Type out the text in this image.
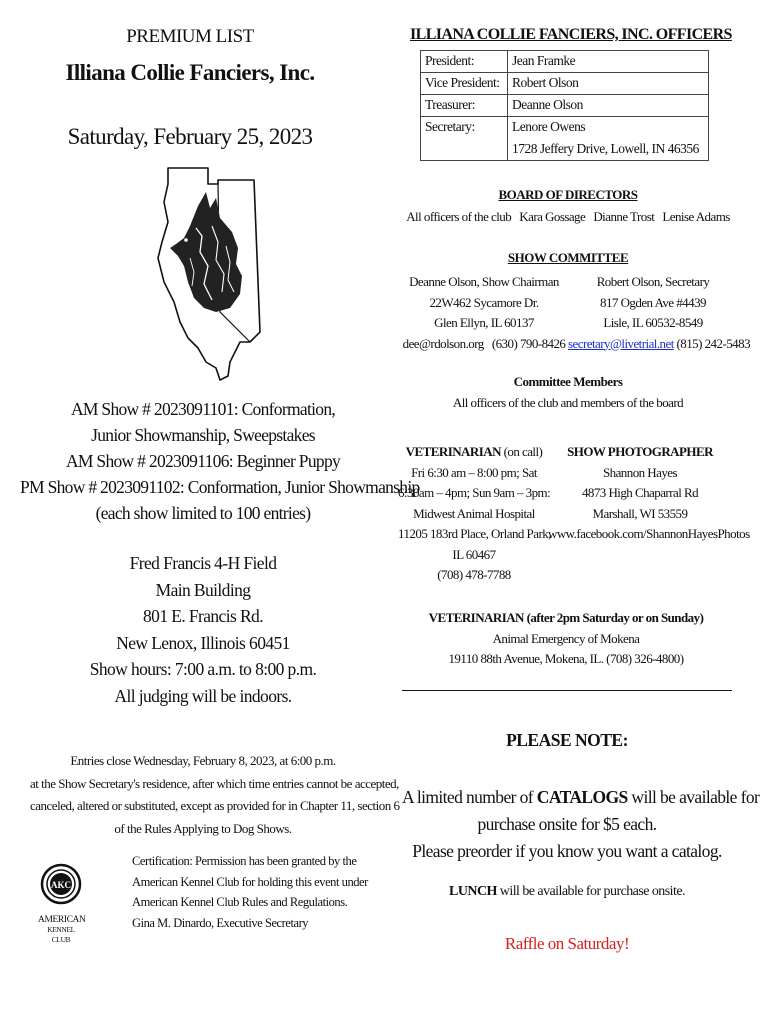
PREMIUM LIST
Illiana Collie Fanciers, Inc.
Saturday, February 25, 2023
AM Show # 2023091101: Conformation,
Junior Showmanship, Sweepstakes
AM Show # 2023091106: Beginner Puppy
PM Show # 2023091102: Conformation, Junior Showmanship
(each show limited to 100 entries)
Fred Francis 4-H Field
Main Building
801 E. Francis Rd.
New Lenox, Illinois 60451
Show hours: 7:00 a.m. to 8:00 p.m.
All judging will be indoors.
Entries close Wednesday, February 8, 2023, at 6:00 p.m.
at the Show Secretary's residence, after which time entries cannot be accepted,
canceled, altered or substituted, except as provided for in Chapter 11, section 6
of the Rules Applying to Dog Shows.
AKC
AMERICAN
KENNEL CLUB
Certification: Permission has been granted by the
American Kennel Club for holding this event under
American Kennel Club Rules and Regulations.
Gina M. Dinardo, Executive Secretary
ILLIANA COLLIE FANCIERS, INC. OFFICERS
President:	Jean Framke
Vice President:	Robert Olson
Treasurer:	Deanne Olson
Secretary:	Lenore Owens
1728 Jeffery Drive, Lowell, IN 46356
BOARD OF DIRECTORS
All officers of the club   Kara Gossage   Dianne Trost   Lenise Adams
SHOW COMMITTEE
Deanne Olson, Show Chairman
22W462 Sycamore Dr.
Glen Ellyn, IL 60137
dee@rdolson.org   (630) 790-8426
Robert Olson, Secretary
817 Ogden Ave #4439
Lisle, IL 60532-8549
secretary@livetrial.net (815) 242-5483
Committee Members
All officers of the club and members of the board
VETERINARIAN (on call)
Fri 6:30 am – 8:00 pm; Sat
6:30am – 4pm; Sun 9am – 3pm:
Midwest Animal Hospital
11205 183rd Place, Orland Park,
IL 60467
(708) 478-7788
SHOW PHOTOGRAPHER
Shannon Hayes
4873 High Chaparral Rd
Marshall, WI 53559
www.facebook.com/ShannonHayesPhotos
VETERINARIAN (after 2pm Saturday or on Sunday)
Animal Emergency of Mokena
19110 88th Avenue, Mokena, IL. (708) 326-4800)
PLEASE NOTE:
A limited number of CATALOGS will be available for
purchase onsite for $5 each.
Please preorder if you know you want a catalog.
LUNCH will be available for purchase onsite.
Raffle on Saturday!
